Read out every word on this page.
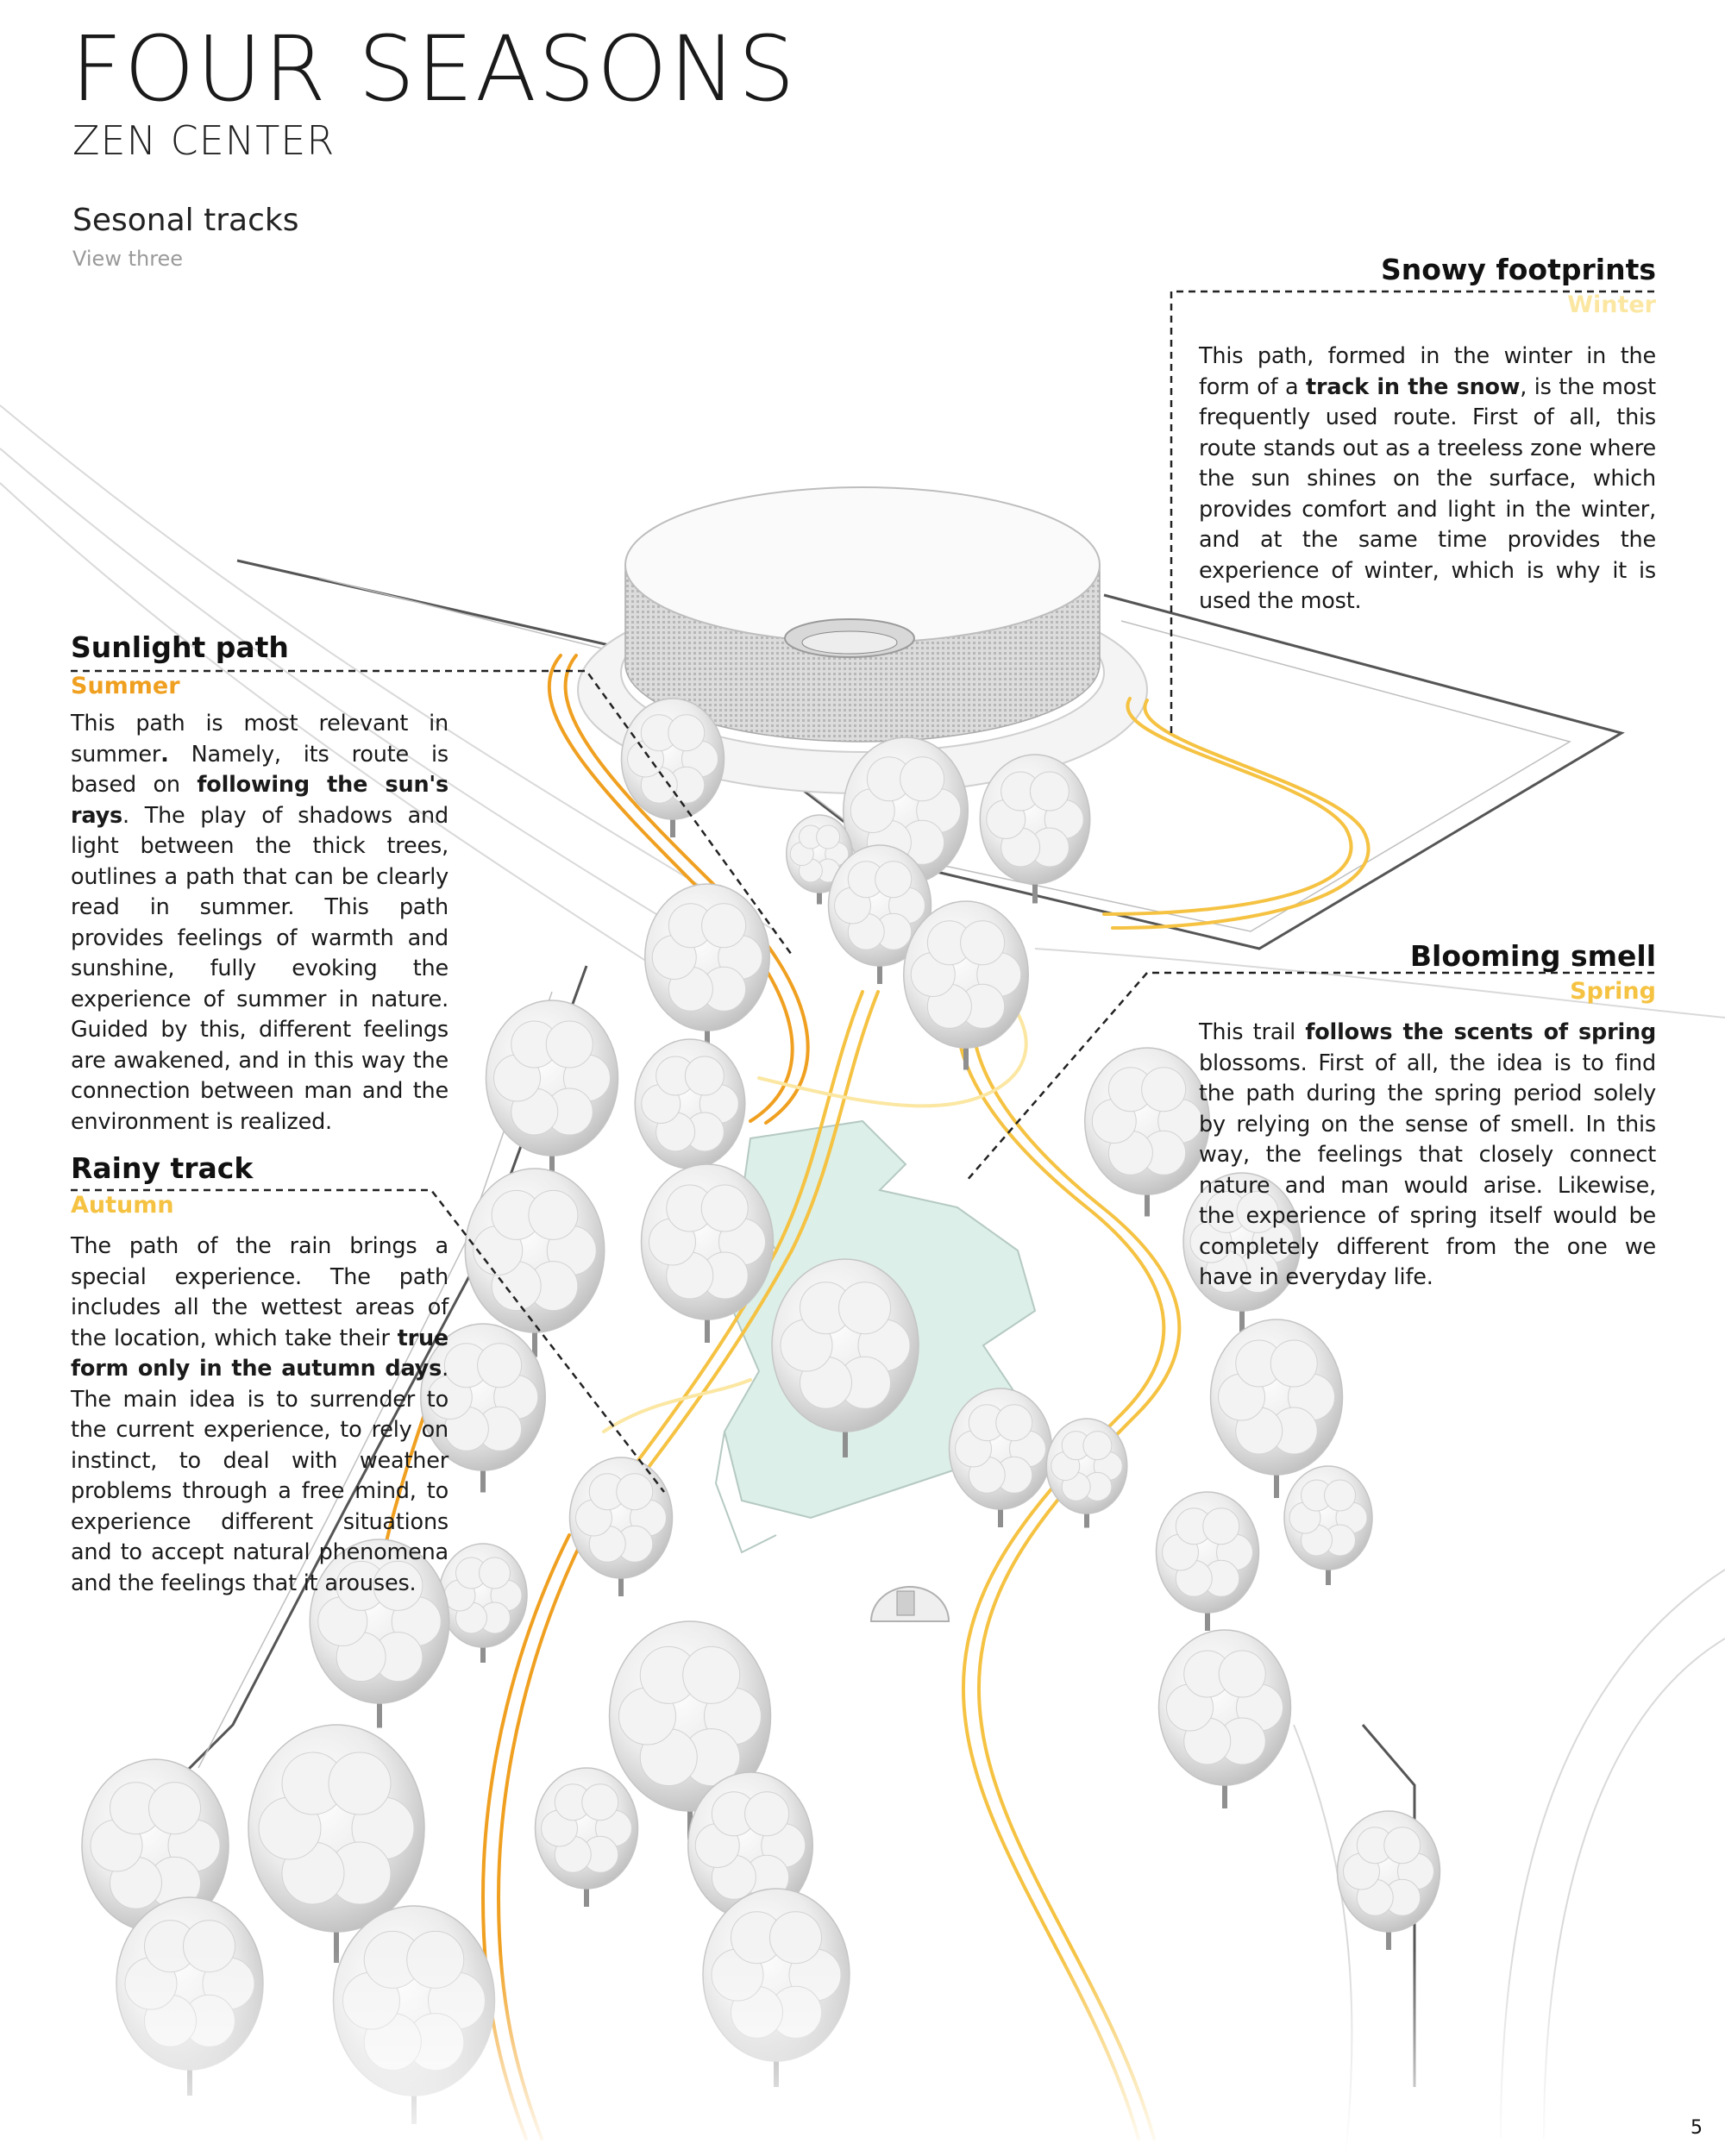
FOUR SEASONS
ZEN CENTER
Sesonal tracks
View three	Snowy footprints
Winter
This path, formed in the winter in the form of a track in the snow, is the most frequently used route. First of all, this route stands out as a treeless zone where the sun shines on the surface, which provides comfort and light in the winter, and at the same time provides the experience of winter, which is why it is used the most.
Sunlight path
Summer
This path is most relevant in summer. Namely, its route is based on following the sun's rays. The play of shadows and light between the thick trees, outlines a path that can be clearly read in summer. This path provides feelings of warmth and sunshine, fully evoking the experience of summer in nature. Guided by this, different feelings are awakened, and in this way the connection between man and the environment is realized.
Blooming smell
Spring
This trail follows the scents of spring blossoms. First of all, the idea is to find the path during the spring period solely by relying on the sense of smell. In this way, the feelings that closely connect nature and man would arise. Likewise, the experience of spring itself would be completely different from the one we have in everyday life.
Rainy track
Autumn
The path of the rain brings a special experience. The path includes all the wettest areas of the location, which take their true form only in the autumn days. The main idea is to surrender to the current experience, to rely on instinct, to deal with weather problems through a free mind, to experience different situations and to accept natural phenomena and the feelings that it arouses.
5
